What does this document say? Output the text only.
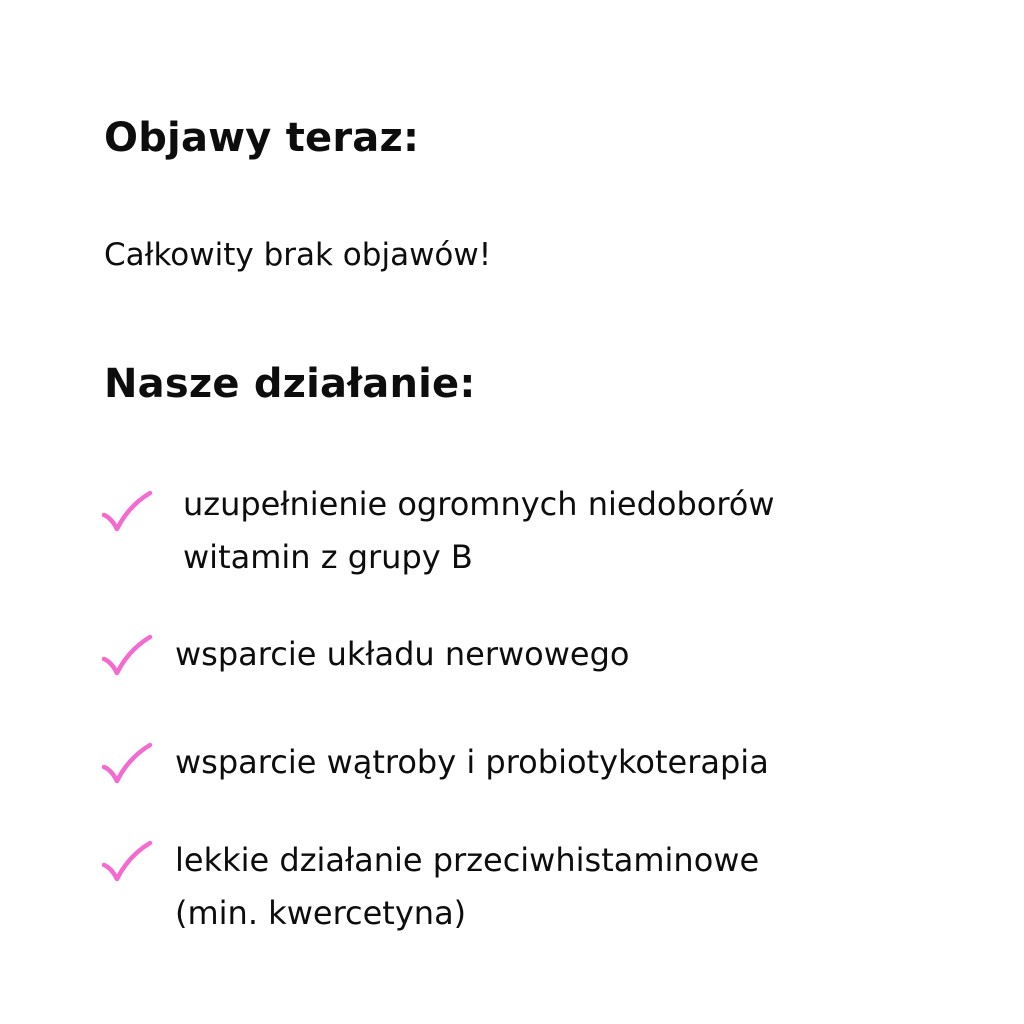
Objawy teraz:

Całkowity brak objawów!

Nasze działanie:
uzupełnienie ogromnych niedoborów
witamin z grupy B
wsparcie układu nerwowego
wsparcie wątroby i probiotykoterapia
lekkie działanie przeciwhistaminowe
(min. kwercetyna)
